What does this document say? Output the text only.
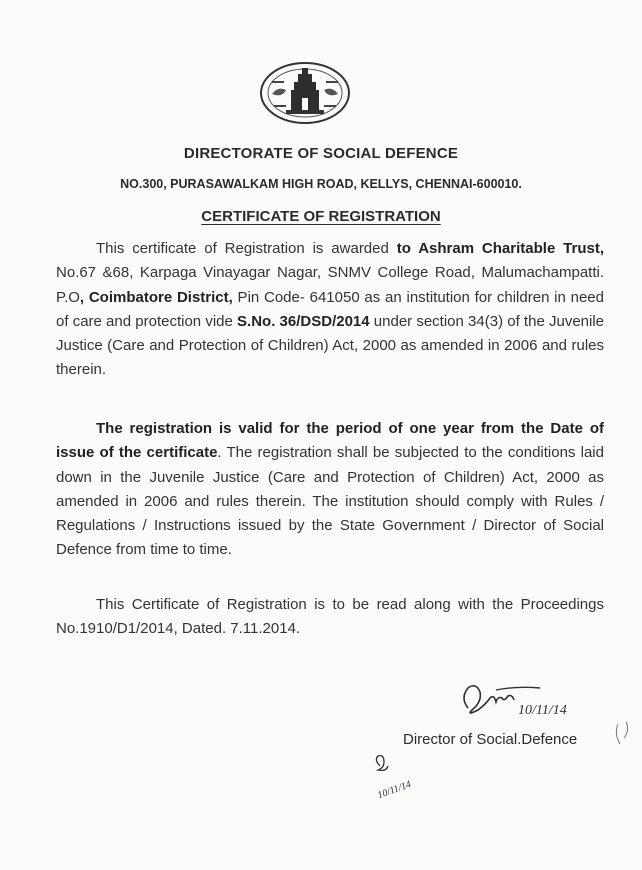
DIRECTORATE OF SOCIAL DEFENCE
NO.300, PURASAWALKAM HIGH ROAD, KELLYS, CHENNAI-600010.
CERTIFICATE OF REGISTRATION

This certificate of Registration is awarded to Ashram Charitable Trust, No.67 &68, Karpaga Vinayagar Nagar, SNMV College Road, Malumachampatti. P.O, Coimbatore District, Pin Code- 641050 as an institution for children in need of care and protection vide S.No. 36/DSD/2014 under section 34(3) of the Juvenile Justice (Care and Protection of Children) Act, 2000 as amended in 2006 and rules therein.

The registration is valid for the period of one year from the Date of issue of the certificate. The registration shall be subjected to the conditions laid down in the Juvenile Justice (Care and Protection of Children) Act, 2000 as amended in 2006 and rules therein. The institution should comply with Rules / Regulations / Instructions issued by the State Government / Director of Social Defence from time to time.

This Certificate of Registration is to be read along with the Proceedings No.1910/D1/2014, Dated. 7.11.2014.

10/11/14
Director of Social.Defence
10/11/14
